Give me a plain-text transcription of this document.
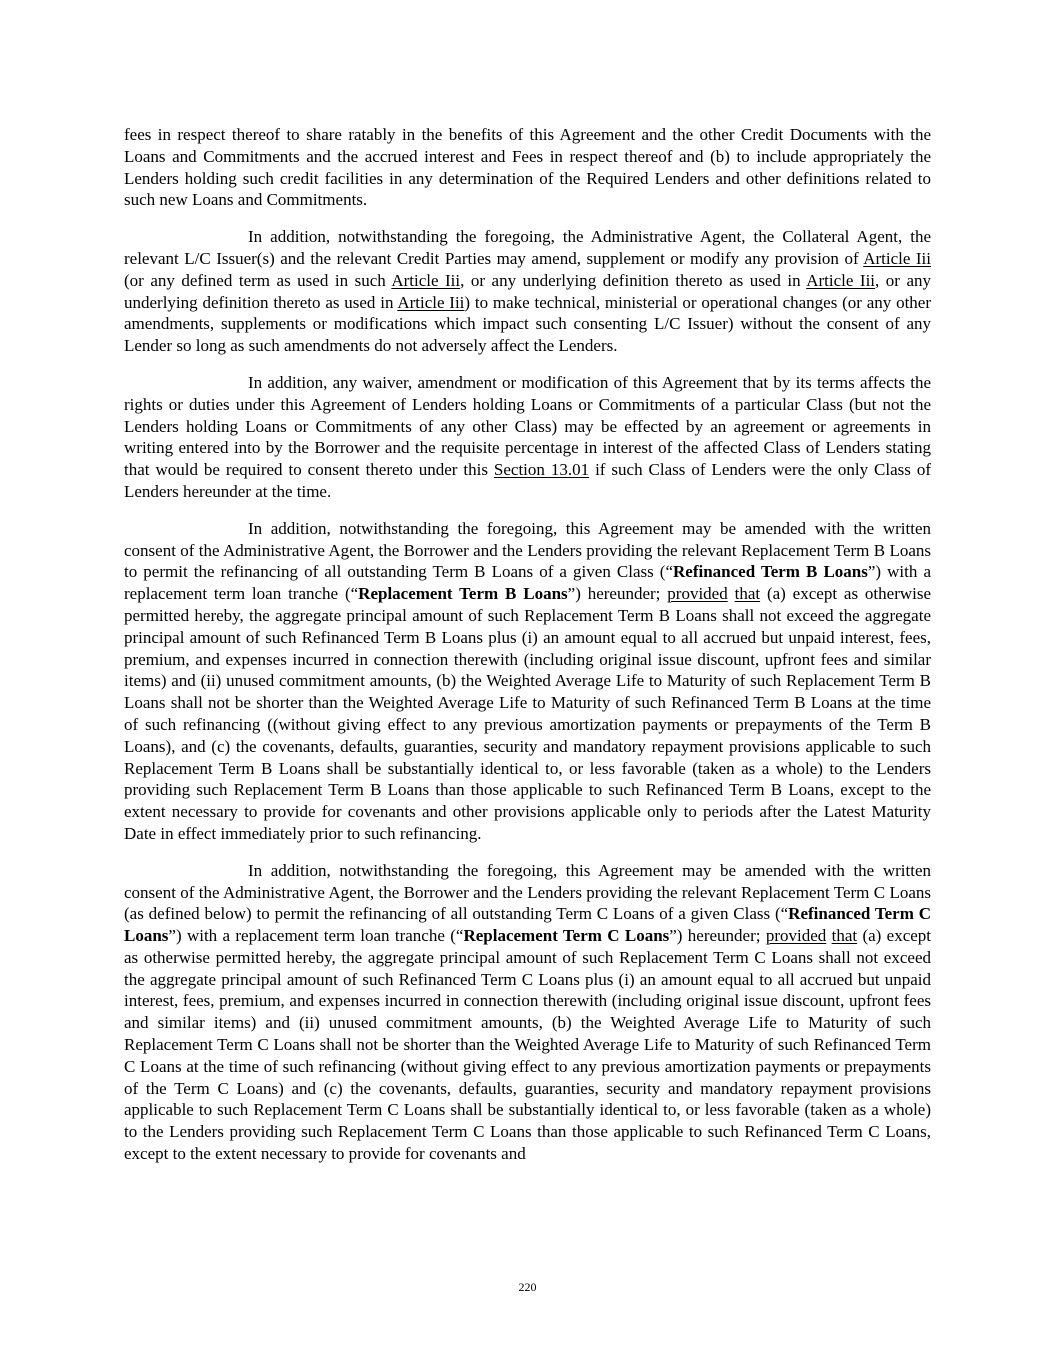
fees in respect thereof to share ratably in the benefits of this Agreement and the other Credit Documents with the Loans and Commitments and the accrued interest and Fees in respect thereof and (b) to include appropriately the Lenders holding such credit facilities in any determination of the Required Lenders and other definitions related to such new Loans and Commitments.

In addition, notwithstanding the foregoing, the Administrative Agent, the Collateral Agent, the relevant L/C Issuer(s) and the relevant Credit Parties may amend, supplement or modify any provision of Article Iii (or any defined term as used in such Article Iii, or any underlying definition thereto as used in Article Iii, or any underlying definition thereto as used in Article Iii) to make technical, ministerial or operational changes (or any other amendments, supplements or modifications which impact such consenting L/C Issuer) without the consent of any Lender so long as such amendments do not adversely affect the Lenders.

In addition, any waiver, amendment or modification of this Agreement that by its terms affects the rights or duties under this Agreement of Lenders holding Loans or Commitments of a particular Class (but not the Lenders holding Loans or Commitments of any other Class) may be effected by an agreement or agreements in writing entered into by the Borrower and the requisite percentage in interest of the affected Class of Lenders stating that would be required to consent thereto under this Section 13.01 if such Class of Lenders were the only Class of Lenders hereunder at the time.

In addition, notwithstanding the foregoing, this Agreement may be amended with the written consent of the Administrative Agent, the Borrower and the Lenders providing the relevant Replacement Term B Loans to permit the refinancing of all outstanding Term B Loans of a given Class (“Refinanced Term B Loans”) with a replacement term loan tranche (“Replacement Term B Loans”) hereunder; provided that (a) except as otherwise permitted hereby, the aggregate principal amount of such Replacement Term B Loans shall not exceed the aggregate principal amount of such Refinanced Term B Loans plus (i) an amount equal to all accrued but unpaid interest, fees, premium, and expenses incurred in connection therewith (including original issue discount, upfront fees and similar items) and (ii) unused commitment amounts, (b) the Weighted Average Life to Maturity of such Replacement Term B Loans shall not be shorter than the Weighted Average Life to Maturity of such Refinanced Term B Loans at the time of such refinancing ((without giving effect to any previous amortization payments or prepayments of the Term B Loans), and (c) the covenants, defaults, guaranties, security and mandatory repayment provisions applicable to such Replacement Term B Loans shall be substantially identical to, or less favorable (taken as a whole) to the Lenders providing such Replacement Term B Loans than those applicable to such Refinanced Term B Loans, except to the extent necessary to provide for covenants and other provisions applicable only to periods after the Latest Maturity Date in effect immediately prior to such refinancing.

In addition, notwithstanding the foregoing, this Agreement may be amended with the written consent of the Administrative Agent, the Borrower and the Lenders providing the relevant Replacement Term C Loans (as defined below) to permit the refinancing of all outstanding Term C Loans of a given Class (“Refinanced Term C Loans”) with a replacement term loan tranche (“Replacement Term C Loans”) hereunder; provided that (a) except as otherwise permitted hereby, the aggregate principal amount of such Replacement Term C Loans shall not exceed the aggregate principal amount of such Refinanced Term C Loans plus (i) an amount equal to all accrued but unpaid interest, fees, premium, and expenses incurred in connection therewith (including original issue discount, upfront fees and similar items) and (ii) unused commitment amounts, (b) the Weighted Average Life to Maturity of such Replacement Term C Loans shall not be shorter than the Weighted Average Life to Maturity of such Refinanced Term C Loans at the time of such refinancing (without giving effect to any previous amortization payments or prepayments of the Term C Loans) and (c) the covenants, defaults, guaranties, security and mandatory repayment provisions applicable to such Replacement Term C Loans shall be substantially identical to, or less favorable (taken as a whole) to the Lenders providing such Replacement Term C Loans than those applicable to such Refinanced Term C Loans, except to the extent necessary to provide for covenants and

220
